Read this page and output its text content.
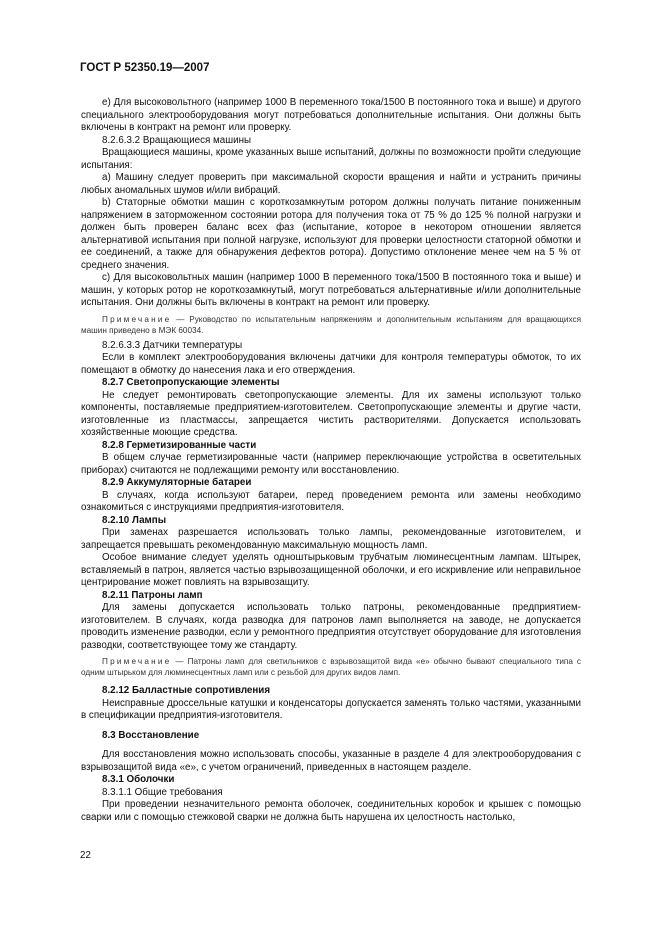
ГОСТ Р 52350.19—2007

e) Для высоковольтного (например 1000 В переменного тока/1500 В постоянного тока и выше) и другого специального электрооборудования могут потребоваться дополнительные испытания. Они должны быть включены в контракт на ремонт или проверку.

8.2.6.3.2 Вращающиеся машины

Вращающиеся машины, кроме указанных выше испытаний, должны по возможности пройти следующие испытания:

a) Машину следует проверить при максимальной скорости вращения и найти и устранить причины любых аномальных шумов и/или вибраций.

b) Статорные обмотки машин с короткозамкнутым ротором должны получать питание пониженным напряжением в заторможенном состоянии ротора для получения тока от 75 % до 125 % полной нагрузки и должен быть проверен баланс всех фаз (испытание, которое в некотором отношении является альтернативой испытания при полной нагрузке, используют для проверки целостности статорной обмотки и ее соединений, а также для обнаружения дефектов ротора). Допустимо отклонение менее чем на 5 % от среднего значения.

c) Для высоковольтных машин (например 1000 В переменного тока/1500 В постоянного тока и выше) и машин, у которых ротор не короткозамкнутый, могут потребоваться альтернативные и/или дополнительные испытания. Они должны быть включены в контракт на ремонт или проверку.

Примечание — Руководство по испытательным напряжениям и дополнительным испытаниям для вращающихся машин приведено в МЭК 60034.

8.2.6.3.3 Датчики температуры

Если в комплект электрооборудования включены датчики для контроля температуры обмоток, то их помещают в обмотку до нанесения лака и его отверждения.

8.2.7 Светопропускающие элементы

Не следует ремонтировать светопропускающие элементы. Для их замены используют только компоненты, поставляемые предприятием-изготовителем. Светопропускающие элементы и другие части, изготовленные из пластмассы, запрещается чистить растворителями. Допускается использовать хозяйственные моющие средства.

8.2.8 Герметизированные части

В общем случае герметизированные части (например переключающие устройства в осветительных приборах) считаются не подлежащими ремонту или восстановлению.

8.2.9 Аккумуляторные батареи

В случаях, когда используют батареи, перед проведением ремонта или замены необходимо ознакомиться с инструкциями предприятия-изготовителя.

8.2.10 Лампы

При заменах разрешается использовать только лампы, рекомендованные изготовителем, и запрещается превышать рекомендованную максимальную мощность ламп.

Особое внимание следует уделять одноштырьковым трубчатым люминесцентным лампам. Штырек, вставляемый в патрон, является частью взрывозащищенной оболочки, и его искривление или неправильное центрирование может повлиять на взрывозащиту.

8.2.11 Патроны ламп

Для замены допускается использовать только патроны, рекомендованные предприятием-изготовителем. В случаях, когда разводка для патронов ламп выполняется на заводе, не допускается проводить изменение разводки, если у ремонтного предприятия отсутствует оборудование для изготовления разводки, соответствующее тому же стандарту.

Примечание — Патроны ламп для светильников с взрывозащитой вида «е» обычно бывают специального типа с одним штырьком для люминесцентных ламп или с резьбой для других видов ламп.

8.2.12 Балластные сопротивления

Неисправные дроссельные катушки и конденсаторы допускается заменять только частями, указанными в спецификации предприятия-изготовителя.

8.3 Восстановление

Для восстановления можно использовать способы, указанные в разделе 4 для электрооборудования с взрывозащитой вида «е», с учетом ограничений, приведенных в настоящем разделе.

8.3.1 Оболочки

8.3.1.1 Общие требования

При проведении незначительного ремонта оболочек, соединительных коробок и крышек с помощью сварки или с помощью стежковой сварки не должна быть нарушена их целостность настолько,

22
